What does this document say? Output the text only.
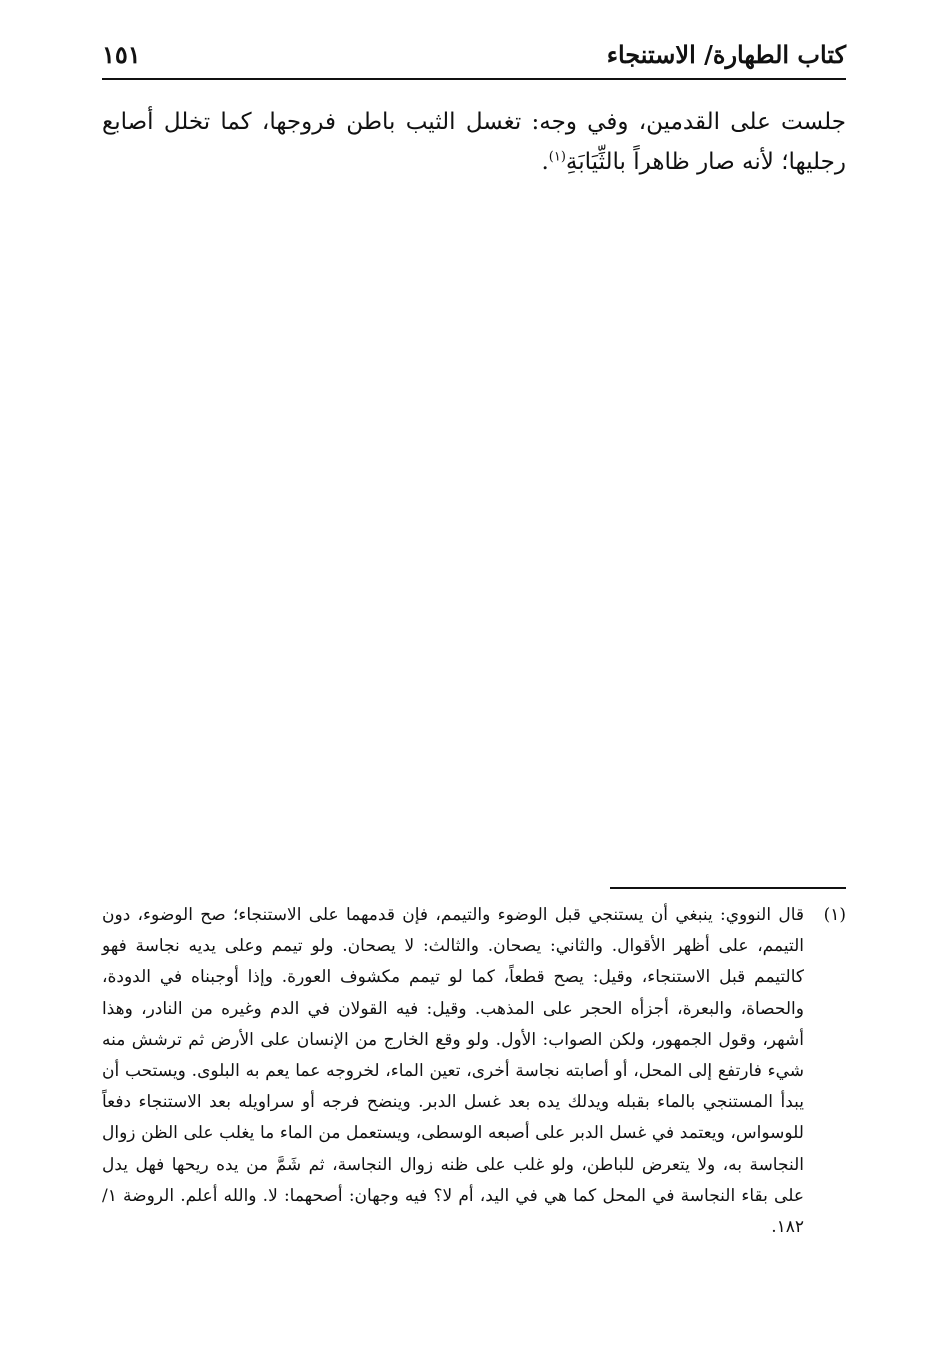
كتاب الطهارة/ الاستنجاء
١٥١

جلست على القدمين، وفي وجه: تغسل الثيب باطن فروجها، كما تخلل أصابع رجليها؛ لأنه صار ظاهراً بالثِّيَابَةِ$^{(١)}$.

(١)

قال النووي: ينبغي أن يستنجي قبل الوضوء والتيمم، فإن قدمهما على الاستنجاء؛ صح الوضوء، دون التيمم، على أظهر الأقوال. والثاني: يصحان. والثالث: لا يصحان. ولو تيمم وعلى يديه نجاسة فهو كالتيمم قبل الاستنجاء، وقيل: يصح قطعاً، كما لو تيمم مكشوف العورة. وإذا أوجبناه في الدودة، والحصاة، والبعرة، أجزأه الحجر على المذهب. وقيل: فيه القولان في الدم وغيره من النادر، وهذا أشهر، وقول الجمهور، ولكن الصواب: الأول. ولو وقع الخارج من الإنسان على الأرض ثم ترشش منه شيء فارتفع إلى المحل، أو أصابته نجاسة أخرى، تعين الماء، لخروجه عما يعم به البلوى. ويستحب أن يبدأ المستنجي بالماء بقبله ويدلك يده بعد غسل الدبر. وينضح فرجه أو سراويله بعد الاستنجاء دفعاً للوسواس، ويعتمد في غسل الدبر على أصبعه الوسطى، ويستعمل من الماء ما يغلب على الظن زوال النجاسة به، ولا يتعرض للباطن، ولو غلب على ظنه زوال النجاسة، ثم شَمَّ من يده ريحها فهل يدل على بقاء النجاسة في المحل كما هي في اليد، أم لا؟ فيه وجهان: أصحهما: لا. والله أعلم. الروضة ١/ ١٨٢.
